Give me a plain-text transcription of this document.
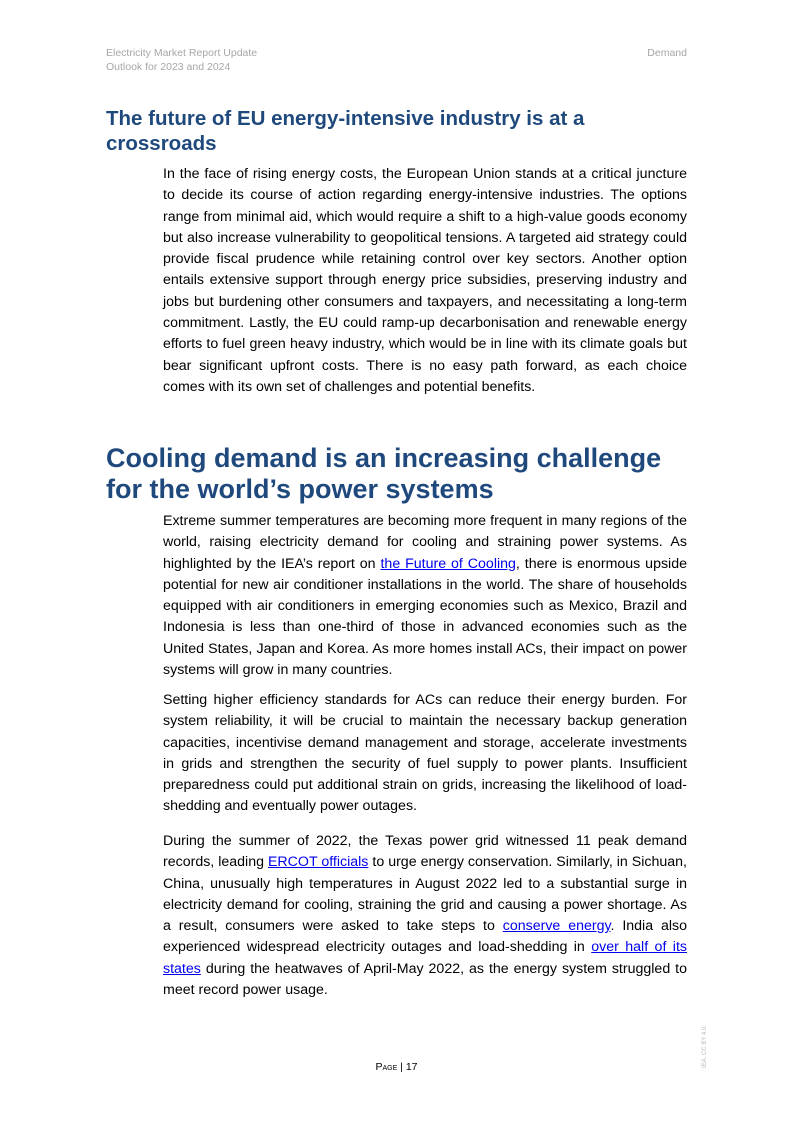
Electricity Market Report Update
Outlook for 2023 and 2024
Demand
The future of EU energy-intensive industry is at a crossroads

In the face of rising energy costs, the European Union stands at a critical juncture to decide its course of action regarding energy-intensive industries. The options range from minimal aid, which would require a shift to a high-value goods economy but also increase vulnerability to geopolitical tensions. A targeted aid strategy could provide fiscal prudence while retaining control over key sectors. Another option entails extensive support through energy price subsidies, preserving industry and jobs but burdening other consumers and taxpayers, and necessitating a long-term commitment. Lastly, the EU could ramp-up decarbonisation and renewable energy efforts to fuel green heavy industry, which would be in line with its climate goals but bear significant upfront costs. There is no easy path forward, as each choice comes with its own set of challenges and potential benefits.

Cooling demand is an increasing challenge for the world’s power systems

Extreme summer temperatures are becoming more frequent in many regions of the world, raising electricity demand for cooling and straining power systems. As highlighted by the IEA’s report on the Future of Cooling, there is enormous upside potential for new air conditioner installations in the world. The share of households equipped with air conditioners in emerging economies such as Mexico, Brazil and Indonesia is less than one-third of those in advanced economies such as the United States, Japan and Korea. As more homes install ACs, their impact on power systems will grow in many countries.

Setting higher efficiency standards for ACs can reduce their energy burden. For system reliability, it will be crucial to maintain the necessary backup generation capacities, incentivise demand management and storage, accelerate investments in grids and strengthen the security of fuel supply to power plants. Insufficient preparedness could put additional strain on grids, increasing the likelihood of load-shedding and eventually power outages.

During the summer of 2022, the Texas power grid witnessed 11 peak demand records, leading ERCOT officials to urge energy conservation. Similarly, in Sichuan, China, unusually high temperatures in August 2022 led to a substantial surge in electricity demand for cooling, straining the grid and causing a power shortage. As a result, consumers were asked to take steps to conserve energy. India also experienced widespread electricity outages and load-shedding in over half of its states during the heatwaves of April-May 2022, as the energy system struggled to meet record power usage.

Page | 17	IEA. CC BY 4.0.
